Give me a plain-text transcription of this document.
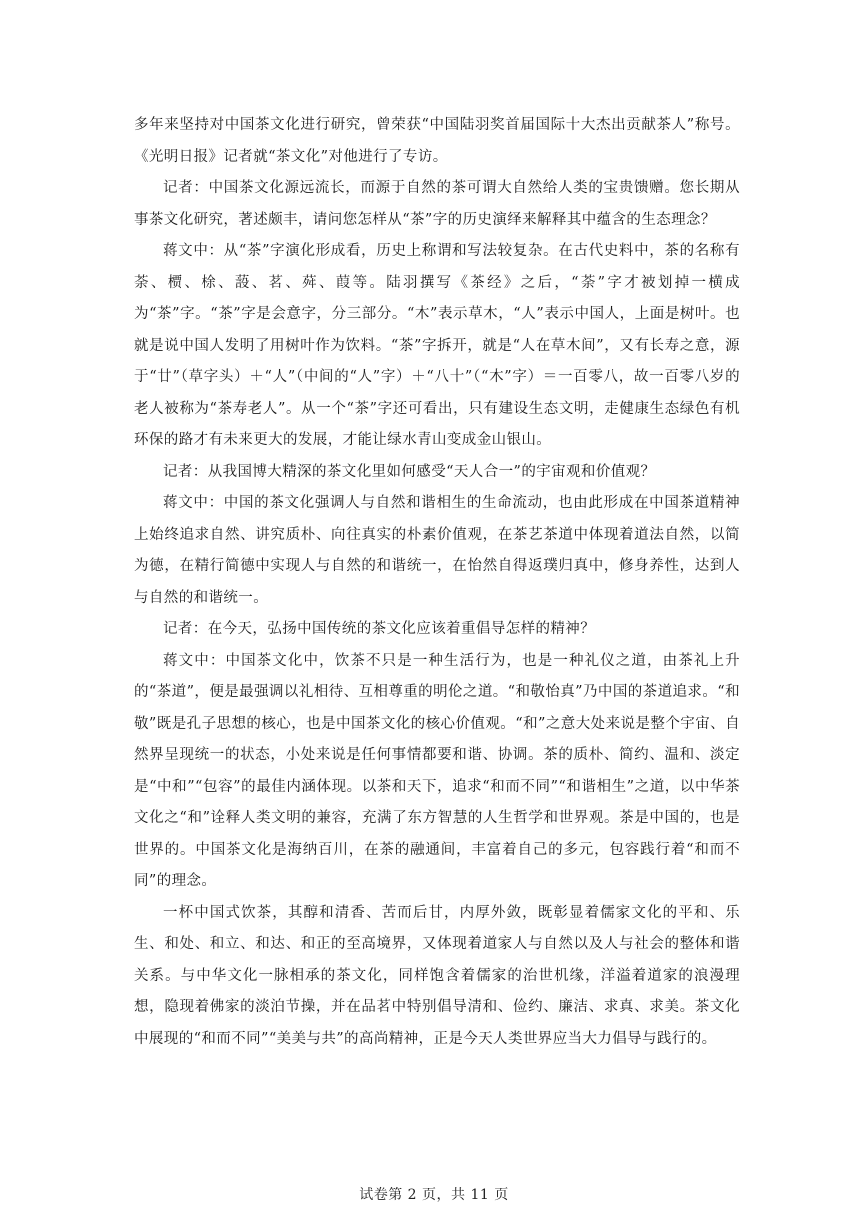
多年来坚持对中国茶文化进行研究，曾荣获“中国陆羽奖首届国际十大杰出贡献茶人”称号。《光明日报》记者就“茶文化”对他进行了专访。

记者：中国茶文化源远流长，而源于自然的茶可谓大自然给人类的宝贵馈赠。您长期从事茶文化研究，著述颇丰，请问您怎样从“茶”字的历史演绎来解释其中蕴含的生态理念？

蒋文中：从“茶”字演化形成看，历史上称谓和写法较复杂。在古代史料中，茶的名称有荼、槚、梌、蔎、茗、荈、葭等。陆羽撰写《茶经》之后，“荼”字才被划掉一横成为“茶”字。“茶”字是会意字，分三部分。“木”表示草木，“人”表示中国人，上面是树叶。也就是说中国人发明了用树叶作为饮料。“茶”字拆开，就是“人在草木间”，又有长寿之意，源于“廿”（草字头）＋“人”（中间的“人”字）＋“八十”（“木”字）＝一百零八，故一百零八岁的老人被称为“茶寿老人”。从一个“茶”字还可看出，只有建设生态文明，走健康生态绿色有机环保的路才有未来更大的发展，才能让绿水青山变成金山银山。

记者：从我国博大精深的茶文化里如何感受“天人合一”的宇宙观和价值观？

蒋文中：中国的茶文化强调人与自然和谐相生的生命流动，也由此形成在中国茶道精神上始终追求自然、讲究质朴、向往真实的朴素价值观，在茶艺茶道中体现着道法自然，以简为德，在精行简德中实现人与自然的和谐统一，在怡然自得返璞归真中，修身养性，达到人与自然的和谐统一。

记者：在今天，弘扬中国传统的茶文化应该着重倡导怎样的精神？

蒋文中：中国茶文化中，饮茶不只是一种生活行为，也是一种礼仪之道，由茶礼上升的“茶道”，便是最强调以礼相待、互相尊重的明伦之道。“和敬怡真”乃中国的茶道追求。“和敬”既是孔子思想的核心，也是中国茶文化的核心价值观。“和”之意大处来说是整个宇宙、自然界呈现统一的状态，小处来说是任何事情都要和谐、协调。茶的质朴、简约、温和、淡定是“中和”“包容”的最佳内涵体现。以茶和天下，追求“和而不同”“和谐相生”之道，以中华茶文化之“和”诠释人类文明的兼容，充满了东方智慧的人生哲学和世界观。茶是中国的，也是世界的。中国茶文化是海纳百川，在茶的融通间，丰富着自己的多元，包容践行着“和而不同”的理念。

一杯中国式饮茶，其醇和清香、苦而后甘，内厚外敛，既彰显着儒家文化的平和、乐生、和处、和立、和达、和正的至高境界，又体现着道家人与自然以及人与社会的整体和谐关系。与中华文化一脉相承的茶文化，同样饱含着儒家的治世机缘，洋溢着道家的浪漫理想，隐现着佛家的淡泊节操，并在品茗中特别倡导清和、俭约、廉洁、求真、求美。茶文化中展现的“和而不同”“美美与共”的高尚精神，正是今天人类世界应当大力倡导与践行的。

试卷第 2 页，共 11 页
